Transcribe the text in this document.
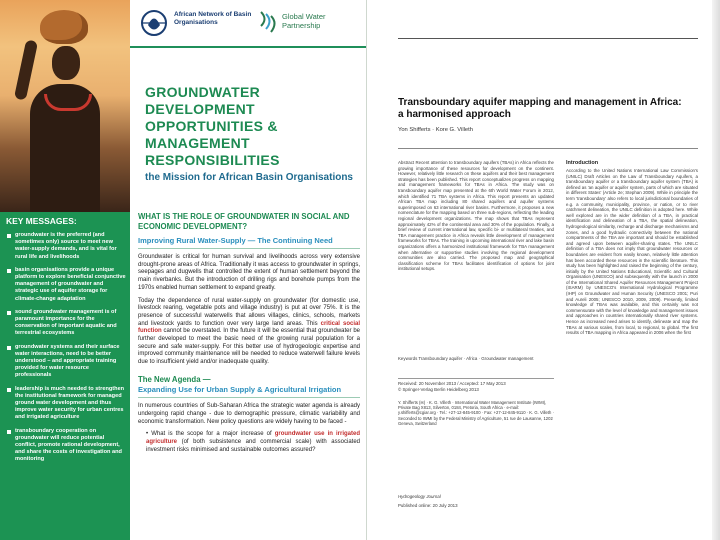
African Network of Basin Organisations
Global Water Partnership
GROUNDWATER
DEVELOPMENT OPPORTUNITIES &
MANAGEMENT RESPONSIBILITIES
the Mission for African Basin Organisations
KEY MESSAGES:
groundwater is the preferred (and sometimes only) source to meet new water-supply demands, and is vital for rural life and livelihoods
basin organisations provide a unique platform to explore beneficial conjunctive management of groundwater and strategic use of aquifer storage for climate-change adaptation
sound groundwater management is of paramount importance for the conservation of important aquatic and terrestrial ecosystems
groundwater systems and their surface water interactions, need to be better understood – and appropriate training provided for water resource professionals
leadership is much needed to strengthen the institutional framework for managed ground water development and thus improve water security for urban centres and irrigated agriculture
transboundary cooperation on groundwater will reduce potential conflict, promote rational development, and share the costs of investigation and monitoring
WHAT IS THE ROLE OF GROUNDWATER IN SOCIAL AND ECONOMIC DEVELOPMENT?
Improving Rural Water-Supply — The Continuing Need
Groundwater is critical for human survival and livelihoods across very extensive drought-prone areas of Africa. Traditionally it was access to groundwater in springs, seepages and dugwells that controlled the extent of human settlement beyond the main riverbanks. But the introduction of drilling rigs and borehole pumps from the 1970s enabled human settlement to expand greatly.
Today the dependence of rural water-supply on groundwater (for domestic use, livestock rearing, vegetable pots and village industry) is put at over 75%. It is the presence of successful waterwells that allows villages, clinics, schools, markets and livestock yards to function over very large land areas. This critical social function cannot be overstated. In the future it will be essential that groundwater be further developed to meet the basic need of the growing rural population for a secure and safe water-supply. For this better use of hydrogeologic expertise and improved community maintenance will be needed to reduce waterwell failure levels due to insufficient yield and/or inadequate quality.
The New Agenda —
Expanding Use for Urban Supply & Agricultural Irrigation
In numerous countries of Sub-Saharan Africa the strategic water agenda is already undergoing rapid change - due to demographic pressure, climatic variability and economic transformation. New policy questions are widely having to be faced -
• What is the scope for a major increase of groundwater use in irrigated agriculture (of both subsistence and commercial scale) with associated investment risks minimised and sustainable outcomes assured?
Transboundary aquifer mapping and management in Africa: a harmonised approach
Yon Shifferts · Kore G. Villeth
Abstract Recent attention to transboundary aquifers (TBAs) in Africa reflects the growing importance of these resources for development on the continent. However, relatively little research on these aquifers and their best management strategies has been published. This report conceptualizes progress on mapping and management frameworks for TBAs in Africa. The study was on transboundary aquifer map presented at the 6th World Water Forum in 2012, which identified 71 TBA systems in Africa. This report presents an updated African TBA map including 80 shared aquifers and aquifer systems superimposed on 63 international river basins. Furthermore, it proposes a new nomenclature for the mapping based on three sub-regions, reflecting the leading regional development organizations. The map shows that TBAs represent approximately 42% of the continental area and 30% of the population. Finally, a brief review of current international law, specific bi- or multilateral treaties, and TBA management practice in Africa reveals little development of management frameworks for TBAs. The training in upcoming international river and lake basin organizations offers a harmonized institutional framework for TBA management when alternative or supportive studies involving the regional development communities are also carried. The proposed map and geographical classification scheme for TBAs facilitates identification of options for joint institutional setups.
Keywords Transboundary aquifer · Africa · Groundwater management
Received: 20 November 2013 / Accepted: 17 May 2013
© Springer-Verlag Berlin Heidelberg 2013
Y. Shifferts (✉) · K. G. Villeth · International Water Management Institute (IWMI), Private Bag X813, Silverton, 0184, Pretoria, South Africa · e-mail: y.shifferts@cgiar.org · Tel.: +27-12-845-9100 · Fax: +27-12-845-9110 · K. G. Villeth · Seconded to IWMI by the Federal Ministry of Agriculture, 51 rue de Lausanne, 1202 Geneva, Switzerland
Hydrogeology Journal
Published online: 20 July 2013
Introduction
According to the United Nations International Law Commission's (UNILC) Draft Articles on the Law of Transboundary Aquifers, a transboundary aquifer or a transboundary aquifer system (TBA) is defined as 'an aquifer or aquifer system, parts of which are situated in different States' (Article 2e; Stephan 2009). While in principle the term 'transboundary' also refers to local jurisdictional boundaries of e.g. a community, municipality, province, or nation, or to river catchment delineation, the UNILC definition is adopted here. While well explored are in the wider definition of a TBA, in practical identification and delineation of a TBA, the spatial delineation, hydrogeological similarity, recharge and discharge mechanisms and zones, and a good hydraulic connectivity between the national compartments of the TBA are important and should be established and agreed upon between aquifer-sharing states. The UNILC definition of a TBA does not imply that groundwater resources or boundaries are evident from easily known, relatively little attention has been accorded these resources in the scientific literature. This study has been highlighted and raised the beginning of the century, initially by the United Nations Educational, Scientific and Cultural Organisation (UNESCO) and subsequently with the launch in 2000 of the International Shared Aquifer Resources Management Project (ISARM) by UNESCO's International Hydrological Programme (IHP) on Groundwater and Human Security (UNESCO 2001; Puri and Aureli 2005; UNESCO 2010, 2009, 2009). Presently, limited knowledge of TBAs was available, and this certainly was not commensurate with the level of knowledge and management issues and approaches in countries internationally shared river systems. Hence as increased need arises to identify, delineate and map the TBAs at various scales, from local, to regional, to global. The first results of TBA mapping in Africa appeared in 2006 when the first
